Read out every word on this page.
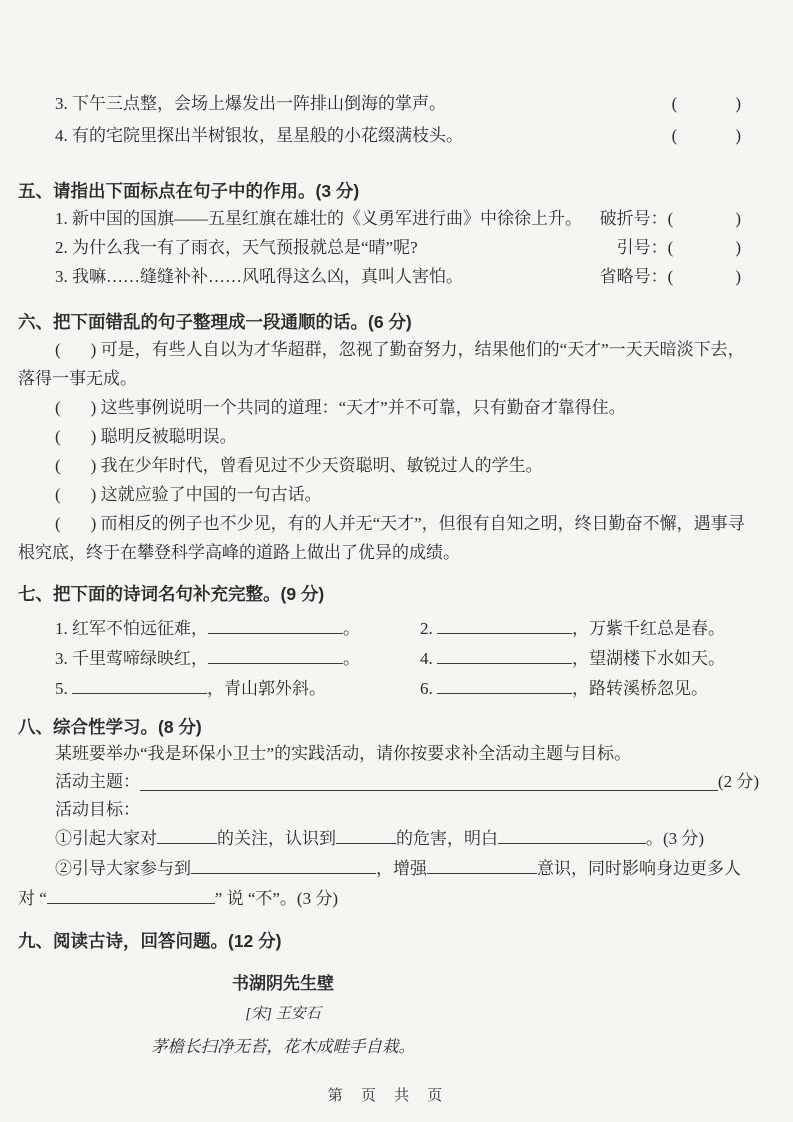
3. 下午三点整，会场上爆发出一阵排山倒海的掌声。	(	)
4. 有的宅院里探出半树银妆，星星般的小花缀满枝头。	(	)
五、请指出下面标点在句子中的作用。(3 分)
1. 新中国的国旗——五星红旗在雄壮的《义勇军进行曲》中徐徐上升。	破折号： (	)
2. 为什么我一有了雨衣，天气预报就总是“晴”呢?	引号： (	)
3. 我嘛……缝缝补补……风吼得这么凶，真叫人害怕。	省略号： (	)
六、把下面错乱的句子整理成一段通顺的话。(6 分)

( ) 可是，有些人自以为才华超群，忽视了勤奋努力，结果他们的“天才”一天天暗淡下去，落得一事无成。

( ) 这些事例说明一个共同的道理：“天才”并不可靠，只有勤奋才靠得住。

( ) 聪明反被聪明误。

( ) 我在少年时代，曾看见过不少天资聪明、敏锐过人的学生。

( ) 这就应验了中国的一句古话。

( ) 而相反的例子也不少见，有的人并无“天才”，但很有自知之明，终日勤奋不懈，遇事寻根究底，终于在攀登科学高峰的道路上做出了优异的成绩。

七、把下面的诗词名句补充完整。(9 分)
1. 红军不怕远征难，	。	2.	，万紫千红总是春。
3. 千里莺啼绿映红，	。	4.	，望湖楼下水如天。
5.	，青山郭外斜。	6.	，路转溪桥忽见。
八、综合性学习。(8 分)

某班要举办“我是环保小卫士”的实践活动，请你按要求补全活动主题与目标。

活动主题：	(2 分)

活动目标：

①引起大家对	的关注，认识到	的危害，明白	。(3 分)

②引导大家参与到	，增强	意识，同时影响身边更多人

对 “	” 说 “不”。(3 分)

九、阅读古诗，回答问题。(12 分)
书湖阴先生壁
[宋] 王安石
茅檐长扫净无苔，花木成畦手自栽。
第 页 共 页
